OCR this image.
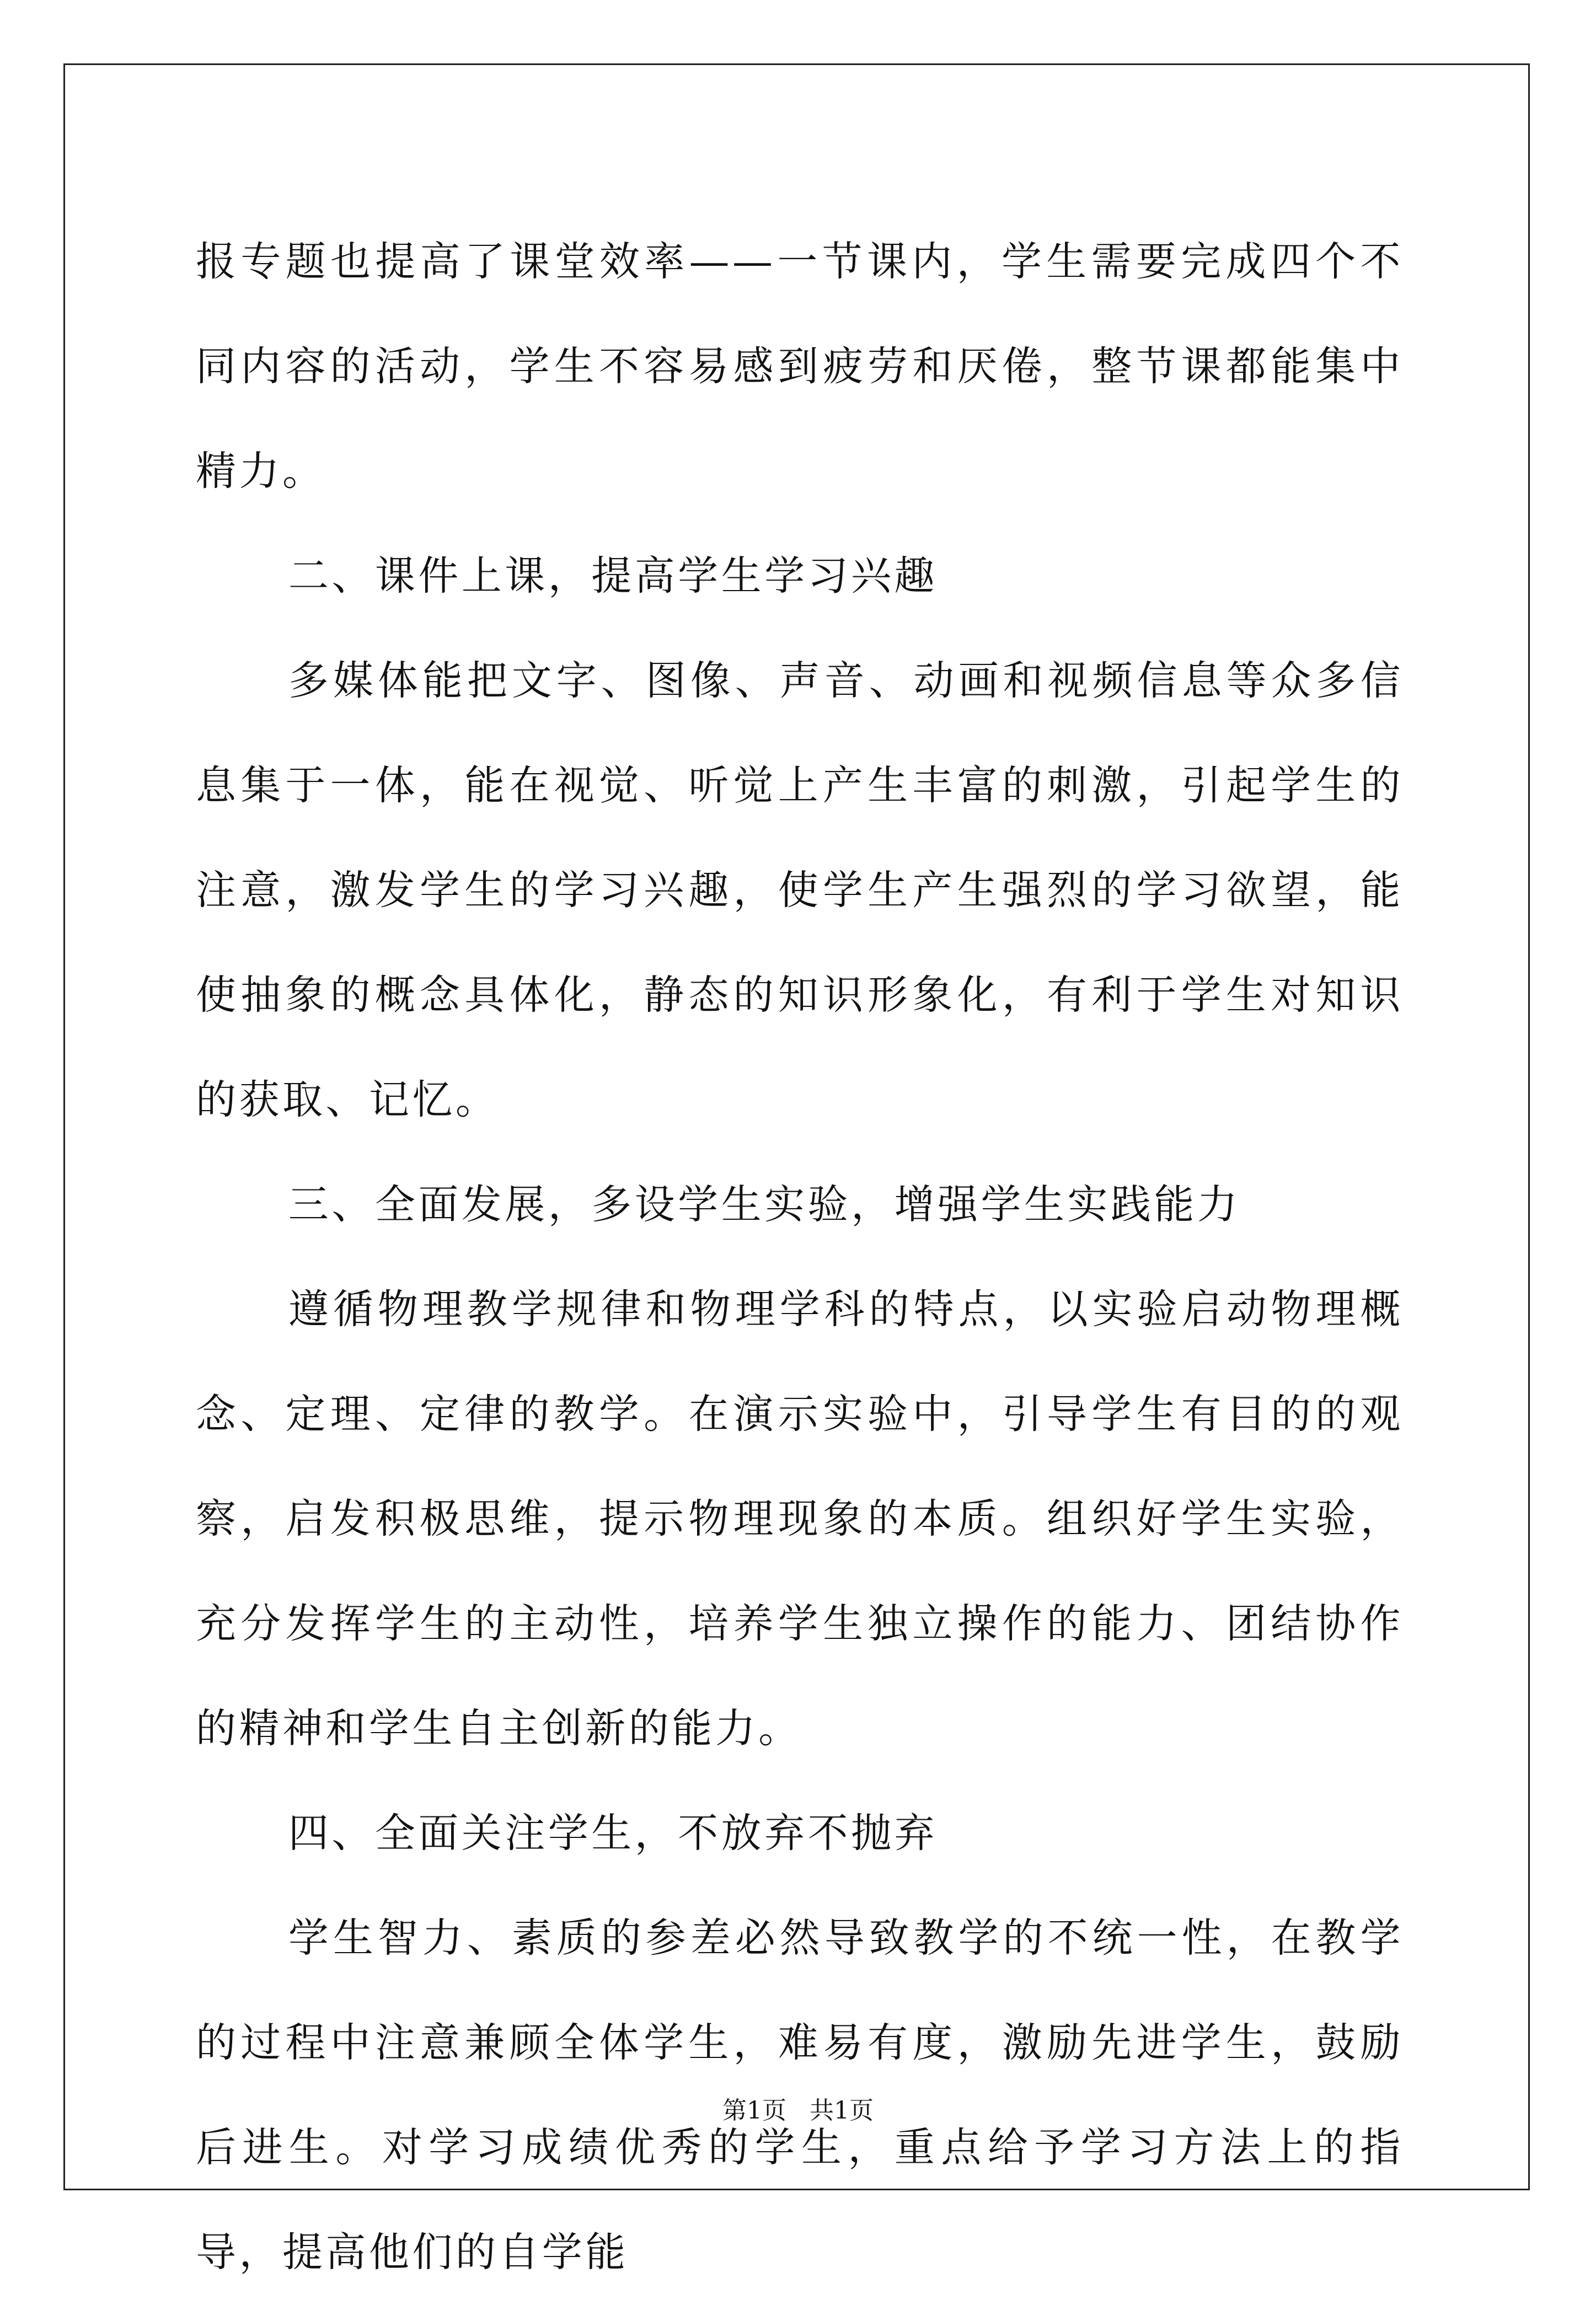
报专题也提高了课堂效率——一节课内，学生需要完成四个不同内容的活动，学生不容易感到疲劳和厌倦，整节课都能集中精力。

二、课件上课，提高学生学习兴趣

多媒体能把文字、图像、声音、动画和视频信息等众多信息集于一体，能在视觉、听觉上产生丰富的刺激，引起学生的注意，激发学生的学习兴趣，使学生产生强烈的学习欲望，能使抽象的概念具体化，静态的知识形象化，有利于学生对知识的获取、记忆。

三、全面发展，多设学生实验，增强学生实践能力

遵循物理教学规律和物理学科的特点，以实验启动物理概念、定理、定律的教学。在演示实验中，引导学生有目的的观察，启发积极思维，提示物理现象的本质。组织好学生实验，充分发挥学生的主动性，培养学生独立操作的能力、团结协作的精神和学生自主创新的能力。

四、全面关注学生，不放弃不抛弃

学生智力、素质的参差必然导致教学的不统一性，在教学的过程中注意兼顾全体学生，难易有度，激励先进学生，鼓励后进生。对学习成绩优秀的学生，重点给予学习方法上的指导，提高他们的自学能

第1页   共1页
